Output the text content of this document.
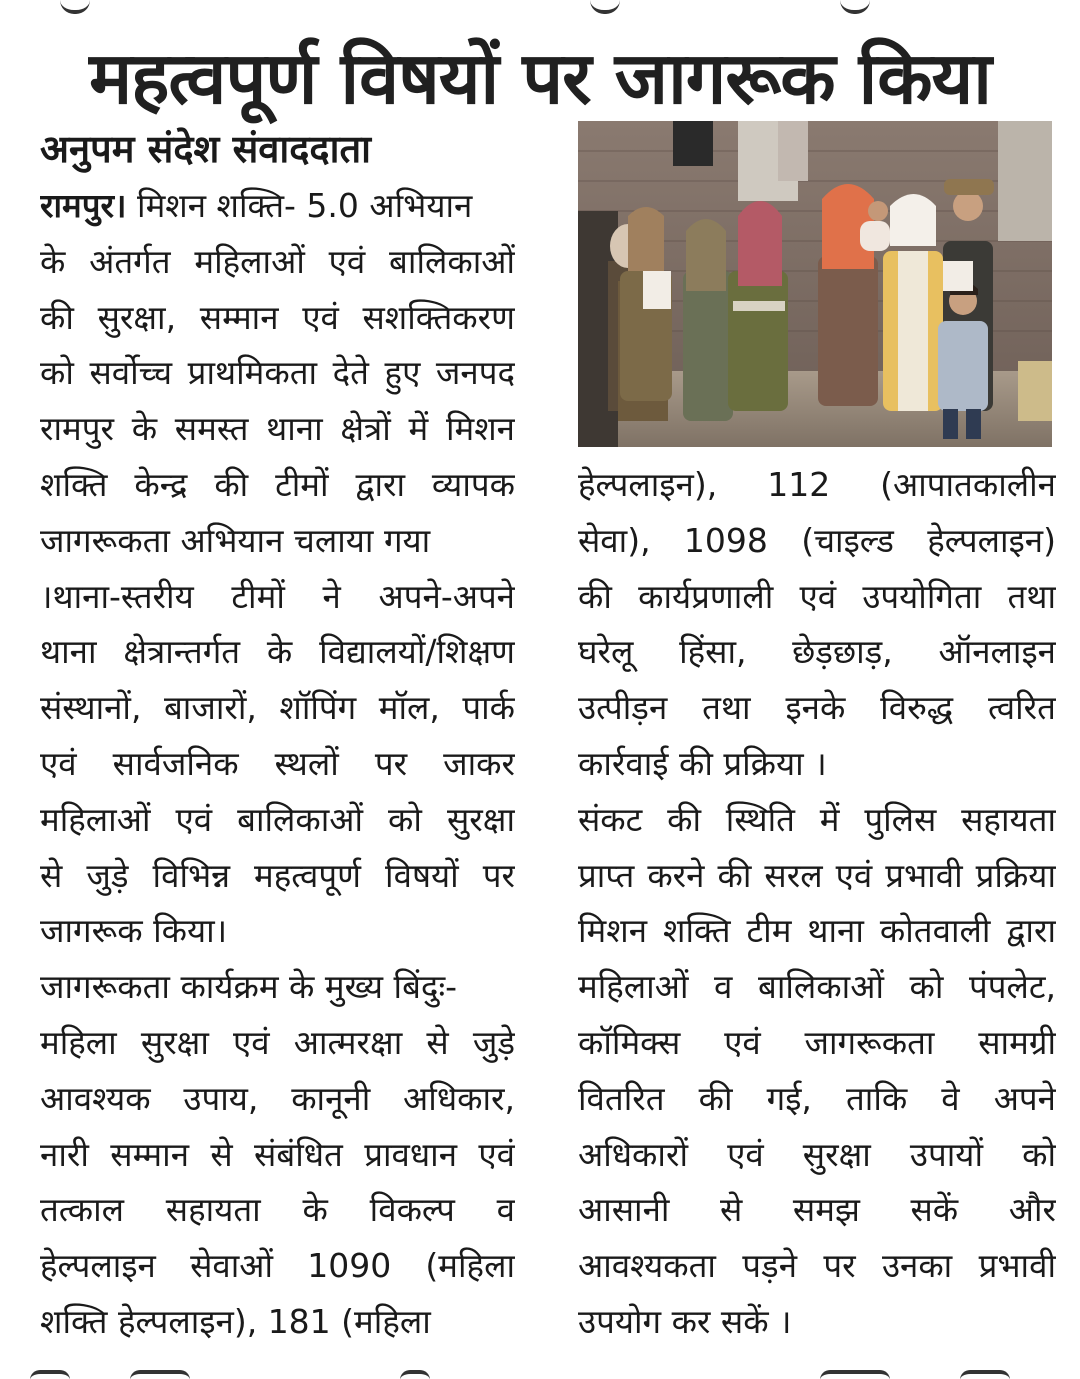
महत्वपूर्ण विषयों पर जागरूक किया
अनुपम संदेश संवाददाता
रामपुर। मिशन शक्ति- 5.0 अभियान
के अंतर्गत महिलाओं एवं बालिकाओं
की सुरक्षा, सम्मान एवं सशक्तिकरण
को सर्वोच्च प्राथमिकता देते हुए जनपद
रामपुर के समस्त थाना क्षेत्रों में मिशन
शक्ति केन्द्र की टीमों द्वारा व्यापक
जागरूकता अभियान चलाया गया
।थाना-स्तरीय टीमों ने अपने-अपने
थाना क्षेत्रान्तर्गत के विद्यालयों/शिक्षण
संस्थानों, बाजारों, शॉपिंग मॉल, पार्क
एवं सार्वजनिक स्थलों पर जाकर
महिलाओं एवं बालिकाओं को सुरक्षा
से जुड़े विभिन्न महत्वपूर्ण विषयों पर
जागरूक किया।
जागरूकता कार्यक्रम के मुख्य बिंदुः-
महिला सुरक्षा एवं आत्मरक्षा से जुड़े
आवश्यक उपाय, कानूनी अधिकार,
नारी सम्मान से संबंधित प्रावधान एवं
तत्काल सहायता के विकल्प व
हेल्पलाइन सेवाओं 1090 (महिला
शक्ति हेल्पलाइन), 181 (महिला
हेल्पलाइन), 112 (आपातकालीन
सेवा), 1098 (चाइल्ड हेल्पलाइन)
की कार्यप्रणाली एवं उपयोगिता तथा
घरेलू हिंसा, छेड़छाड़, ऑनलाइन
उत्पीड़न तथा इनके विरुद्ध त्वरित
कार्रवाई की प्रक्रिया ।
संकट की स्थिति में पुलिस सहायता
प्राप्त करने की सरल एवं प्रभावी प्रक्रिया
मिशन शक्ति टीम थाना कोतवाली द्वारा
महिलाओं व बालिकाओं को पंपलेट,
कॉमिक्स एवं जागरूकता सामग्री
वितरित की गई, ताकि वे अपने
अधिकारों एवं सुरक्षा उपायों को
आसानी से समझ सकें और
आवश्यकता पड़ने पर उनका प्रभावी
उपयोग कर सकें ।
